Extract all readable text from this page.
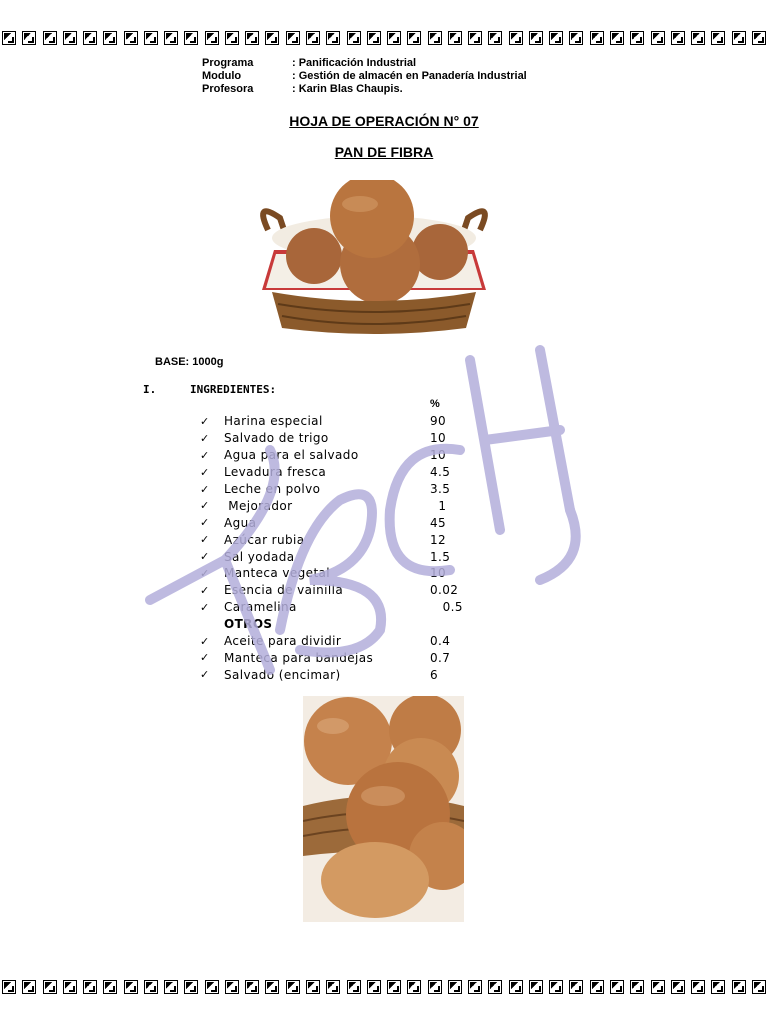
Programa	: Panificación Industrial
Modulo	: Gestión de almacén en Panadería Industrial
Profesora	: Karin Blas Chaupis.
HOJA DE OPERACIÓN N° 07
PAN DE FIBRA
BASE: 1000g
I.	INGREDIENTES:
%
✓	Harina especial	90
✓	Salvado de trigo	10
✓	Agua para el salvado	10
✓	Levadura fresca	4.5
✓	Leche en polvo	3.5
✓	Mejorador	1
✓	Agua	45
✓	Azúcar rubia	12
✓	Sal yodada	1.5
✓	Manteca vegetal	10
✓	Esencia de vainilla	0.02
✓	Caramelina	0.5
OTROS
✓	Aceite para dividir	0.4
✓	Manteca para bandejas	0.7
✓	Salvado (encimar)	6
